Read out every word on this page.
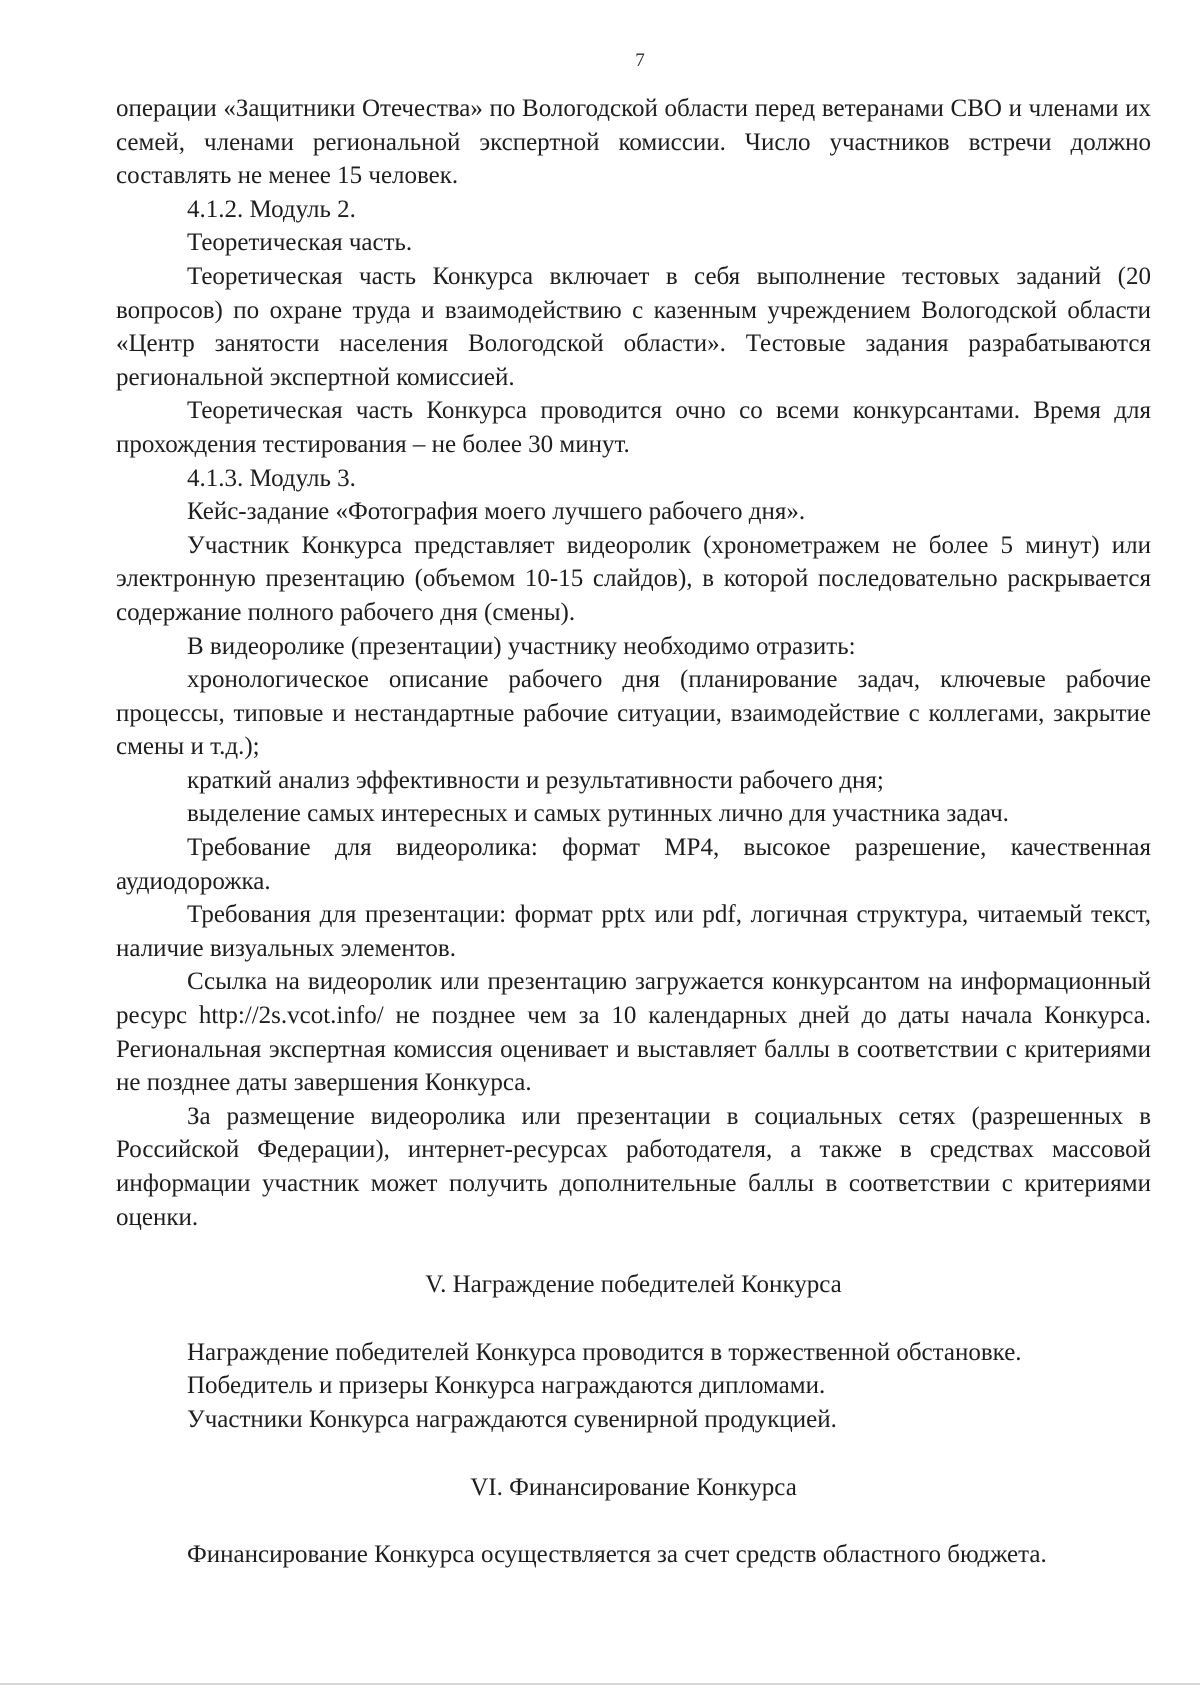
7

операции «Защитники Отечества» по Вологодской области перед ветеранами СВО и членами их семей, членами региональной экспертной комиссии. Число участников встречи должно составлять не менее 15 человек.

4.1.2. Модуль 2.

Теоретическая часть.

Теоретическая часть Конкурса включает в себя выполнение тестовых заданий (20 вопросов) по охране труда и взаимодействию с казенным учреждением Вологодской области «Центр занятости населения Вологодской области». Тестовые задания разрабатываются региональной экспертной комиссией.

Теоретическая часть Конкурса проводится очно со всеми конкурсантами. Время для прохождения тестирования – не более 30 минут.

4.1.3. Модуль 3.

Кейс-задание «Фотография моего лучшего рабочего дня».

Участник Конкурса представляет видеоролик (хронометражем не более 5 минут) или электронную презентацию (объемом 10-15 слайдов), в которой последовательно раскрывается содержание полного рабочего дня (смены).

В видеоролике (презентации) участнику необходимо отразить:

хронологическое описание рабочего дня (планирование задач, ключевые рабочие процессы, типовые и нестандартные рабочие ситуации, взаимодействие с коллегами, закрытие смены и т.д.);

краткий анализ эффективности и результативности рабочего дня;

выделение самых интересных и самых рутинных лично для участника задач.

Требование для видеоролика: формат MP4, высокое разрешение, качественная аудиодорожка.

Требования для презентации: формат pptx или pdf, логичная структура, читаемый текст, наличие визуальных элементов.

Ссылка на видеоролик или презентацию загружается конкурсантом на информационный ресурс http://2s.vcot.info/ не позднее чем за 10 календарных дней до даты начала Конкурса. Региональная экспертная комиссия оценивает и выставляет баллы в соответствии с критериями не позднее даты завершения Конкурса.

За размещение видеоролика или презентации в социальных сетях (разрешенных в Российской Федерации), интернет-ресурсах работодателя, а также в средствах массовой информации участник может получить дополнительные баллы в соответствии с критериями оценки.

V. Награждение победителей Конкурса

Награждение победителей Конкурса проводится в торжественной обстановке.

Победитель и призеры Конкурса награждаются дипломами.

Участники Конкурса награждаются сувенирной продукцией.

VI. Финансирование Конкурса

Финансирование Конкурса осуществляется за счет средств областного бюджета.
